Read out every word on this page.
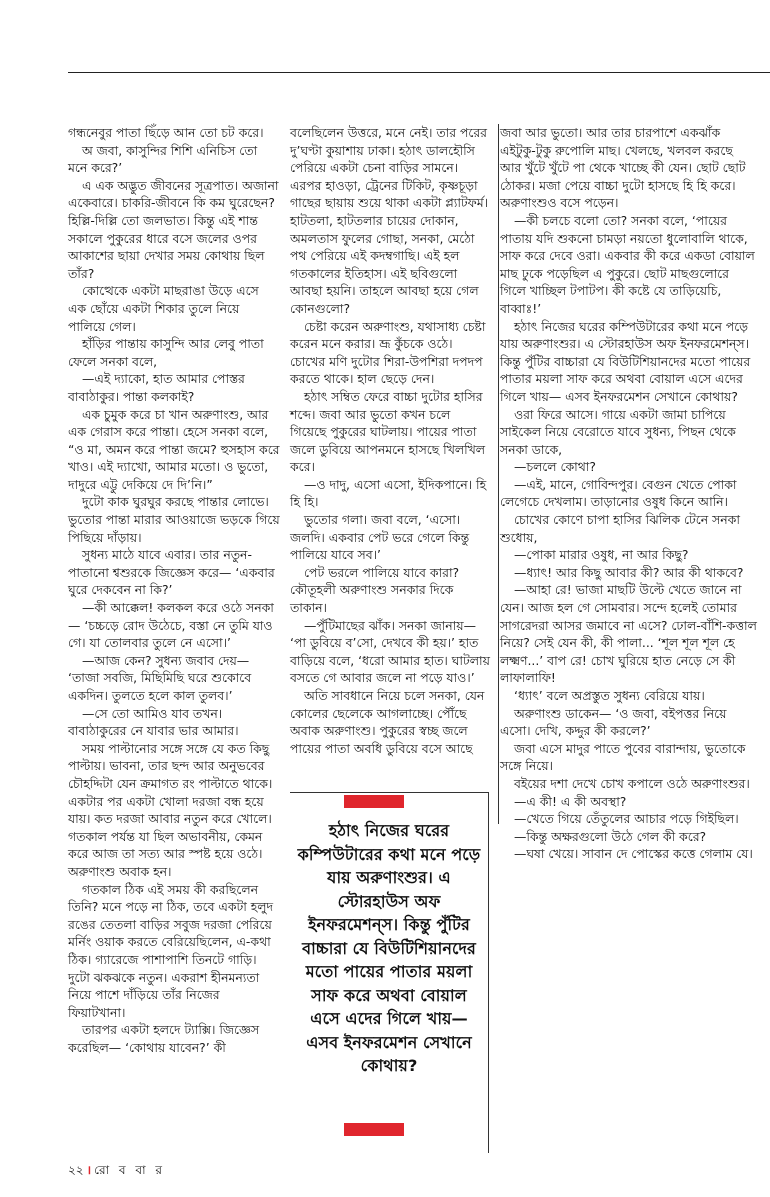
গন্ধনেবুর পাতা ছিঁড়ে আন তো চট করে।

অ জবা, কাসুন্দির শিশি এনিচিস তো মনে করে?’

এ এক অদ্ভুত জীবনের সূত্রপাত। অজানা একেবারে। চাকরি-জীবনে কি কম ঘুরেছেন? হিল্লি-দিল্লি তো জলভাত। কিন্তু এই শান্ত সকালে পুকুরের ধারে বসে জলের ওপর আকাশের ছায়া দেখার সময় কোথায় ছিল তাঁর?

কোত্থেকে একটা মাছরাঙা উড়ে এসে এক ছোঁয়ে একটা শিকার তুলে নিয়ে পালিয়ে গেল।

হাঁড়ির পান্তায় কাসুন্দি আর লেবু পাতা ফেলে সনকা বলে,

—এই দ্যাকো, হাত আমার পোস্তর বাবাঠাকুর। পান্তা কলকাই?

এক চুমুক করে চা খান অরুণাংশু, আর এক গেরাস করে পান্তা। হেসে সনকা বলে, “ও মা, অমন করে পান্তা জমে? হুসহাস করে খাও। এই দ্যাখো, আমার মতো। ও ভুতো, দাদুরে এট্টু দেকিয়ে দে দি’নি।”

দুটো কাক ঘুরঘুর করছে পান্তার লোভে। ভুতোর পান্তা মারার আওয়াজে ভড়কে গিয়ে পিছিয়ে দাঁড়ায়।

সুধন্য মাঠে যাবে এবার। তার নতুন-পাতানো শ্বশুরকে জিজ্ঞেস করে— ‘একবার ঘুরে দেকবেন না কি?’

—কী আক্কেল! কলকল করে ওঠে সনকা— ‘চচ্চড়ে রোদ উঠেচে, বস্তা নে তুমি যাও গে। যা তোলবার তুলে নে এসো।’

—আজ কেন? সুধন্য জবাব দেয়— ‘তাজা সবজি, মিছিমিছি ঘরে শুকোবে একদিন। তুলতে হলে কাল তুলব।’

—সে তো আমিও যাব তখন। বাবাঠাকুরের নে যাবার ভার আমার।

সময় পাল্টানোর সঙ্গে সঙ্গে যে কত কিছু পাল্টায়। ভাবনা, তার ছন্দ আর অনুভবের চৌহদ্দিটা যেন ক্রমাগত রং পাল্টাতে থাকে। একটার পর একটা খোলা দরজা বন্ধ হয়ে যায়। কত দরজা আবার নতুন করে খোলে। গতকাল পর্যন্ত যা ছিল অভাবনীয়, কেমন করে আজ তা সত্য আর স্পষ্ট হয়ে ওঠে। অরুণাংশু অবাক হন।

গতকাল ঠিক এই সময় কী করছিলেন তিনি? মনে পড়ে না ঠিক, তবে একটা হলুদ রঙের তেতলা বাড়ির সবুজ দরজা পেরিয়ে মর্নিং ওয়াক করতে বেরিয়েছিলেন, এ-কথা ঠিক। গ্যারেজে পাশাপাশি তিনটে গাড়ি। দুটো ঝকঝকে নতুন। একরাশ হীনমন্যতা নিয়ে পাশে দাঁড়িয়ে তাঁর নিজের ফিয়াটখানা।

তারপর একটা হলদে ট্যাক্সি। জিজ্ঞেস করেছিল— ‘কোথায় যাবেন?’ কী

বলেছিলেন উত্তরে, মনে নেই। তার পরের দু’ঘণ্টা কুয়াশায় ঢাকা। হঠাৎ ডালহৌসি পেরিয়ে একটা চেনা বাড়ির সামনে। এরপর হাওড়া, ট্রেনের টিকিট, কৃষ্ণচূড়া গাছের ছায়ায় শুয়ে থাকা একটা প্ল্যাটফর্ম। হাটতলা, হাটতলার চায়ের দোকান, অমলতাস ফুলের গোছা, সনকা, মেঠো পথ পেরিয়ে এই কদম্বগাছি। এই হল গতকালের ইতিহাস। এই ছবিগুলো আবছা হয়নি। তাহলে আবছা হয়ে গেল কোনগুলো?

চেষ্টা করেন অরুণাংশু, যথাসাধ্য চেষ্টা করেন মনে করার। ভ্রূ কুঁচকে ওঠে। চোখের মণি দুটোর শিরা-উপশিরা দপদপ করতে থাকে। হাল ছেড়ে দেন।

হঠাৎ সম্বিত ফেরে বাচ্চা দুটোর হাসির শব্দে। জবা আর ভুতো কখন চলে গিয়েছে পুকুরের ঘাটলায়। পায়ের পাতা জলে ডুবিয়ে আপনমনে হাসছে খিলখিল করে।

—ও দাদু, এসো এসো, ইদিকপানে। হি হি হি।

ভুতোর গলা। জবা বলে, ‘এসো। জলদি। একবার পেট ভরে গেলে কিন্তু পালিয়ে যাবে সব।’

পেট ভরলে পালিয়ে যাবে কারা? কৌতূহলী অরুণাংশু সনকার দিকে তাকান।

—পুঁটিমাছের ঝাঁক। সনকা জানায়— ‘পা ডুবিয়ে ব’সো, দেখবে কী হয়।’ হাত বাড়িয়ে বলে, ‘ধরো আমার হাত। ঘাটলায় বসতে গে আবার জলে না পড়ে যাও।’

অতি সাবধানে নিয়ে চলে সনকা, যেন কোলের ছেলেকে আগলাচ্ছে। পৌঁছে অবাক অরুণাংশু। পুকুরের স্বচ্ছ জলে পায়ের পাতা অবধি ডুবিয়ে বসে আছে

জবা আর ভুতো। আর তার চারপাশে একঝাঁক এইটুকু-টুকু রুপোলি মাছ। খেলছে, খলবল করছে আর খুঁটে খুঁটে পা থেকে খাচ্ছে কী যেন। ছোট ছোট ঠোকর। মজা পেয়ে বাচ্চা দুটো হাসছে হি হি করে। অরুণাংশুও বসে পড়েন।

—কী চলচে বলো তো? সনকা বলে, ‘পায়ের পাতায় যদি শুকনো চামড়া নয়তো ধুলোবালি থাকে, সাফ করে দেবে ওরা। একবার কী করে একডা বোয়াল মাছ ঢুকে পড়েছিল এ পুকুরে। ছোট মাছগুলোরে গিলে খাচ্ছিল টপাটপ। কী কষ্টে যে তাড়িয়েচি, বাব্বাঃ!’

হঠাৎ নিজের ঘরের কম্পিউটারের কথা মনে পড়ে যায় অরুণাংশুর। এ স্টোরহাউস অফ ইনফরমেশন্‌স। কিন্তু পুঁটির বাচ্চারা যে বিউটিশিয়ানদের মতো পায়ের পাতার ময়লা সাফ করে অথবা বোয়াল এসে এদের গিলে খায়— এসব ইনফরমেশন সেখানে কোথায়?

ওরা ফিরে আসে। গায়ে একটা জামা চাপিয়ে সাইকেল নিয়ে বেরোতে যাবে সুধন্য, পিছন থেকে সনকা ডাকে,

—চললে কোথা?

—এই, মানে, গোবিন্দপুর। বেগুন খেতে পোকা লেগেচে দেখলাম। তাড়ানোর ওষুধ কিনে আনি।

চোখের কোণে চাপা হাসির ঝিলিক টেনে সনকা শুধোয়,

—পোকা মারার ওষুধ, না আর কিছু?

—ধ্যাৎ! আর কিছু আবার কী? আর কী থাকবে?

—আহা রে! ভাজা মাছটি উল্টে খেতে জানে না যেন। আজ হল গে সোমবার। সন্দে হলেই তোমার সাগরেদরা আসর জমাবে না এসে? ঢোল-বাঁশি-কত্তাল নিয়ে? সেই যেন কী, কী পালা... ‘শূল শূল শূল হে লক্ষ্মণ...’ বাপ রে! চোখ ঘুরিয়ে হাত নেড়ে সে কী লাফালাফি!

‘ধ্যাৎ’ বলে অপ্রস্তুত সুধন্য বেরিয়ে যায়।

অরুণাংশু ডাকেন— ‘ও জবা, বইপত্তর নিয়ে এসো। দেখি, কদ্দুর কী করলে?’

জবা এসে মাদুর পাতে পুবের বারান্দায়, ভুতোকে সঙ্গে নিয়ে।

বইয়ের দশা দেখে চোখ কপালে ওঠে অরুণাংশুর।

—এ কী! এ কী অবস্থা?

—খেতে গিয়ে তেঁতুলের আচার পড়ে গিইছিল।

—কিন্তু অক্ষরগুলো উঠে গেল কী করে?

—ঘষা খেয়ে। সাবান দে পোস্কের কত্তে গেলাম যে।

হঠাৎ নিজের ঘরের কম্পিউটারের কথা মনে পড়ে যায় অরুণাংশুর। এ স্টোরহাউস অফ ইনফরমেশন্‌স। কিন্তু পুঁটির বাচ্চারা যে বিউটিশিয়ানদের মতো পায়ের পাতার ময়লা সাফ করে অথবা বোয়াল এসে এদের গিলে খায়— এসব ইনফরমেশন সেখানে কোথায়?
২২ । রো ব বা র
